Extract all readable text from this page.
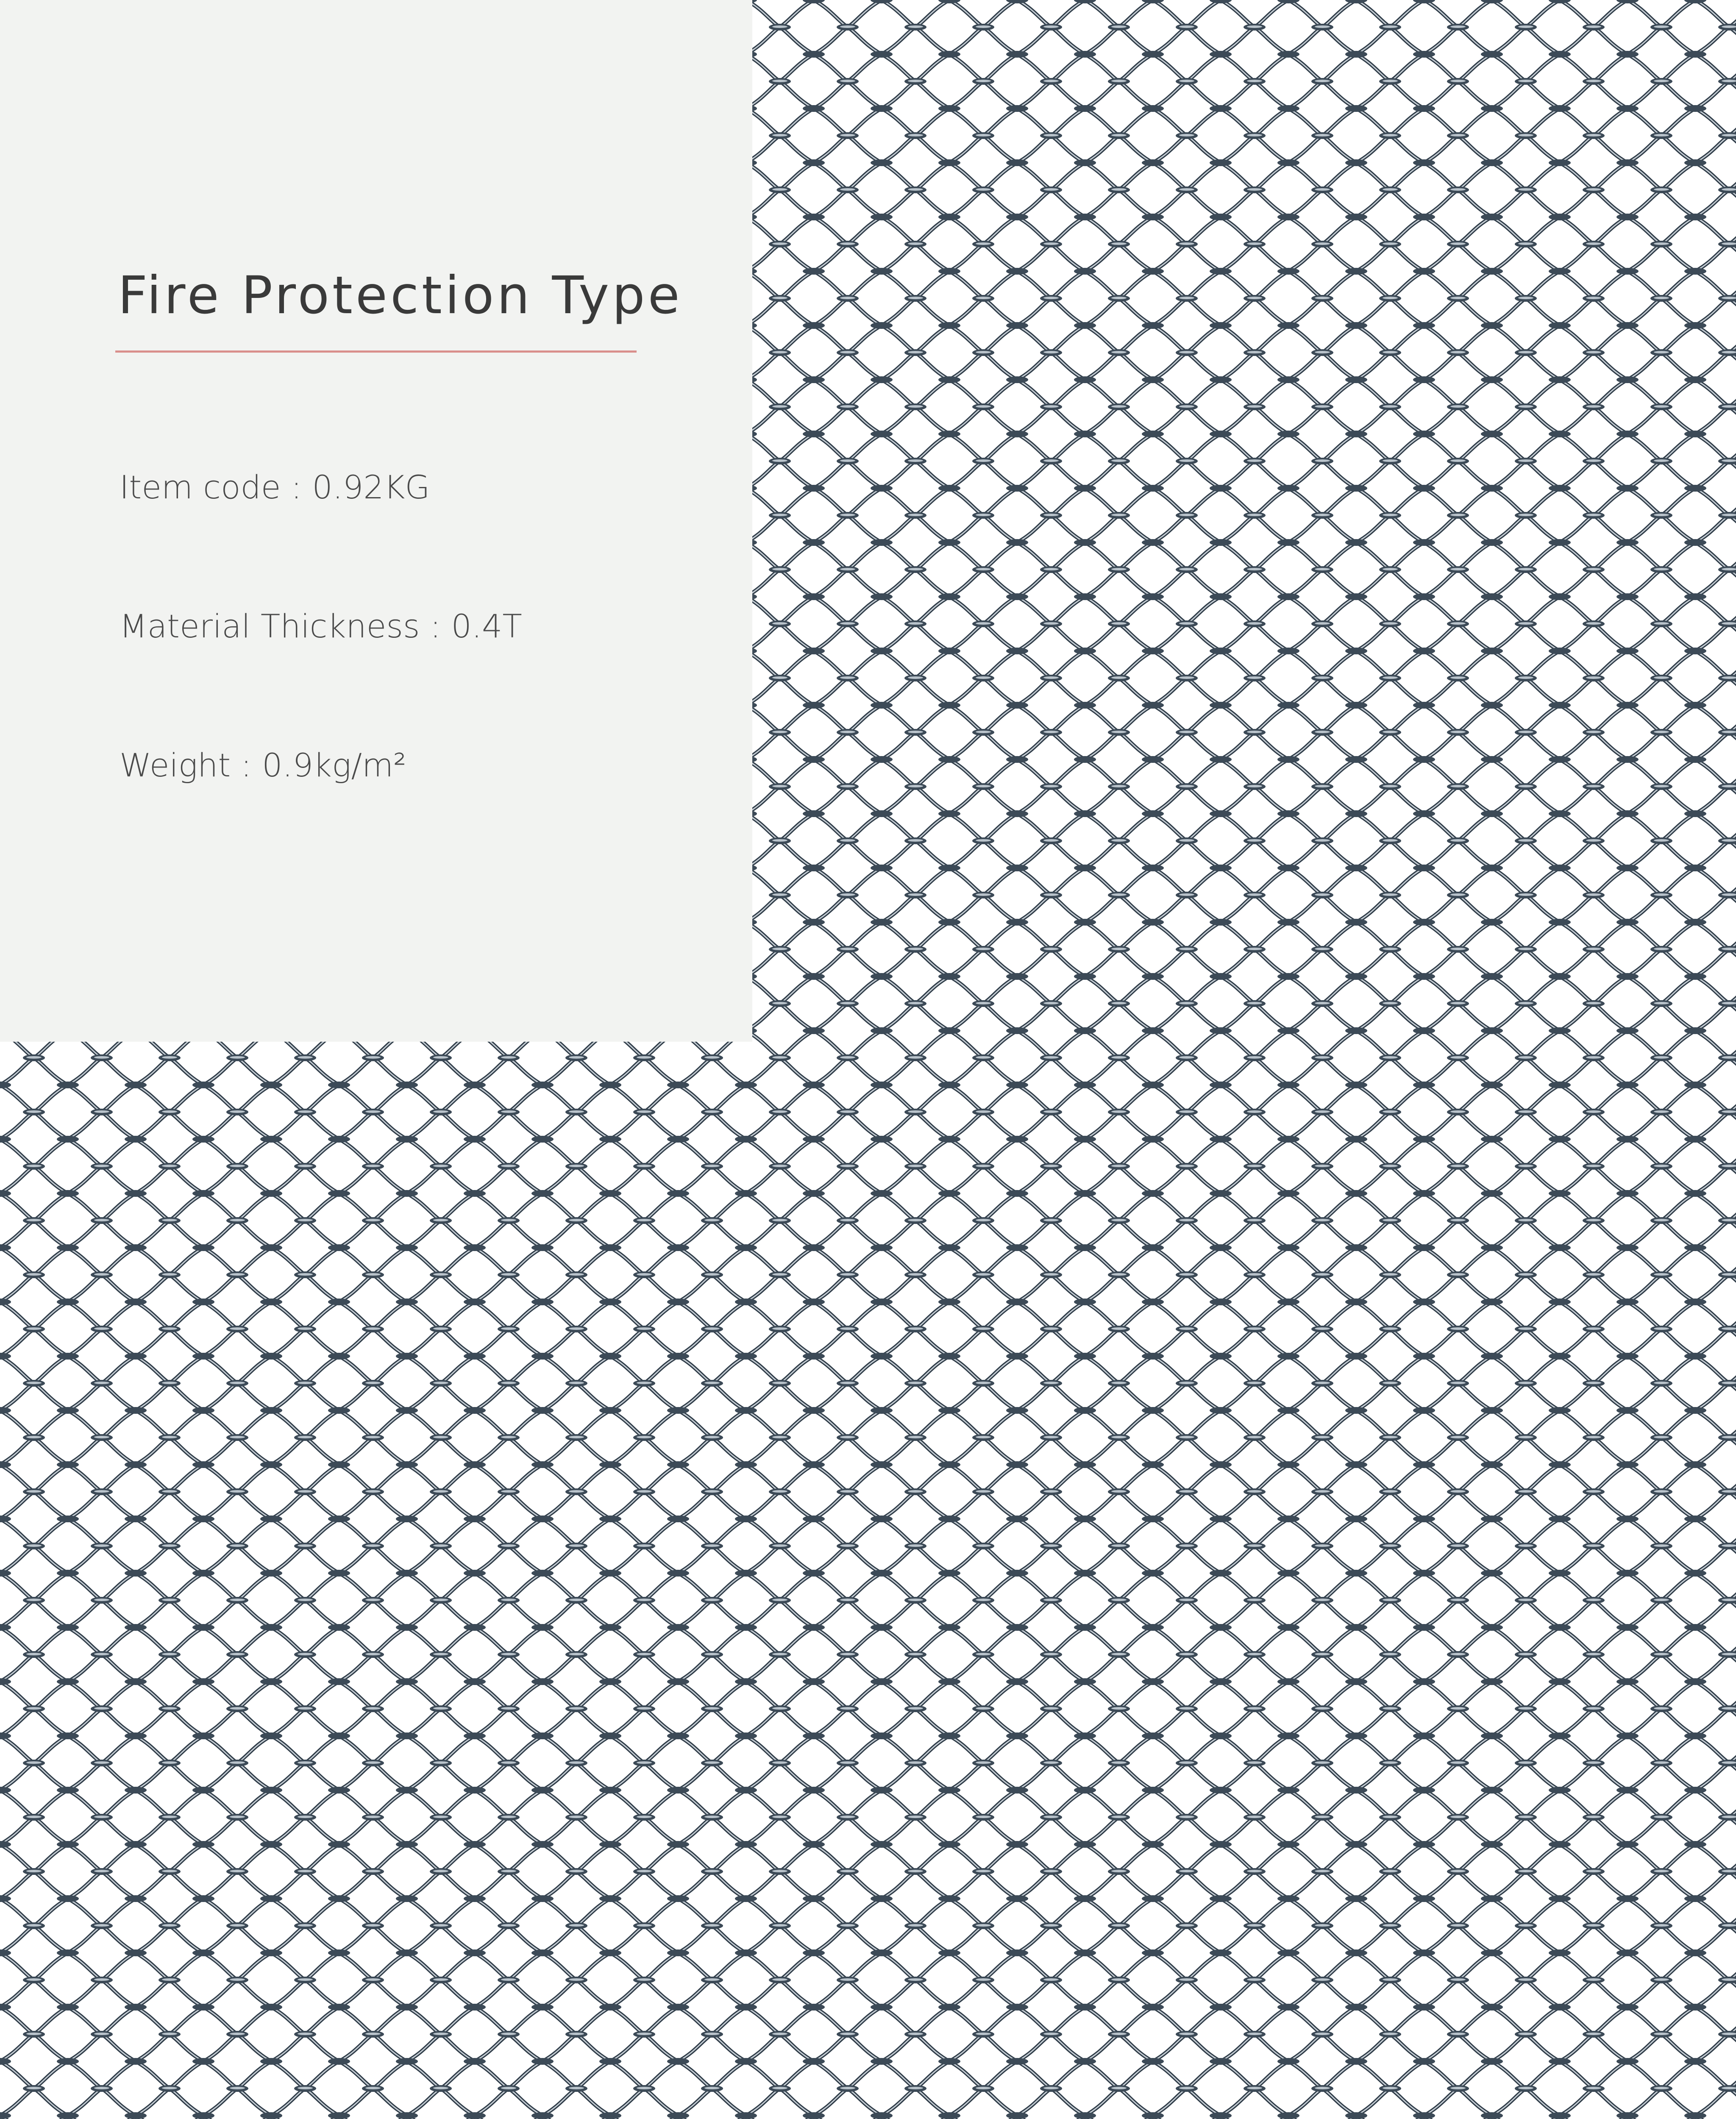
Fire Protection Type

Item code : 0.92KG

Material Thickness : 0.4T

Weight : 0.9kg/m²
